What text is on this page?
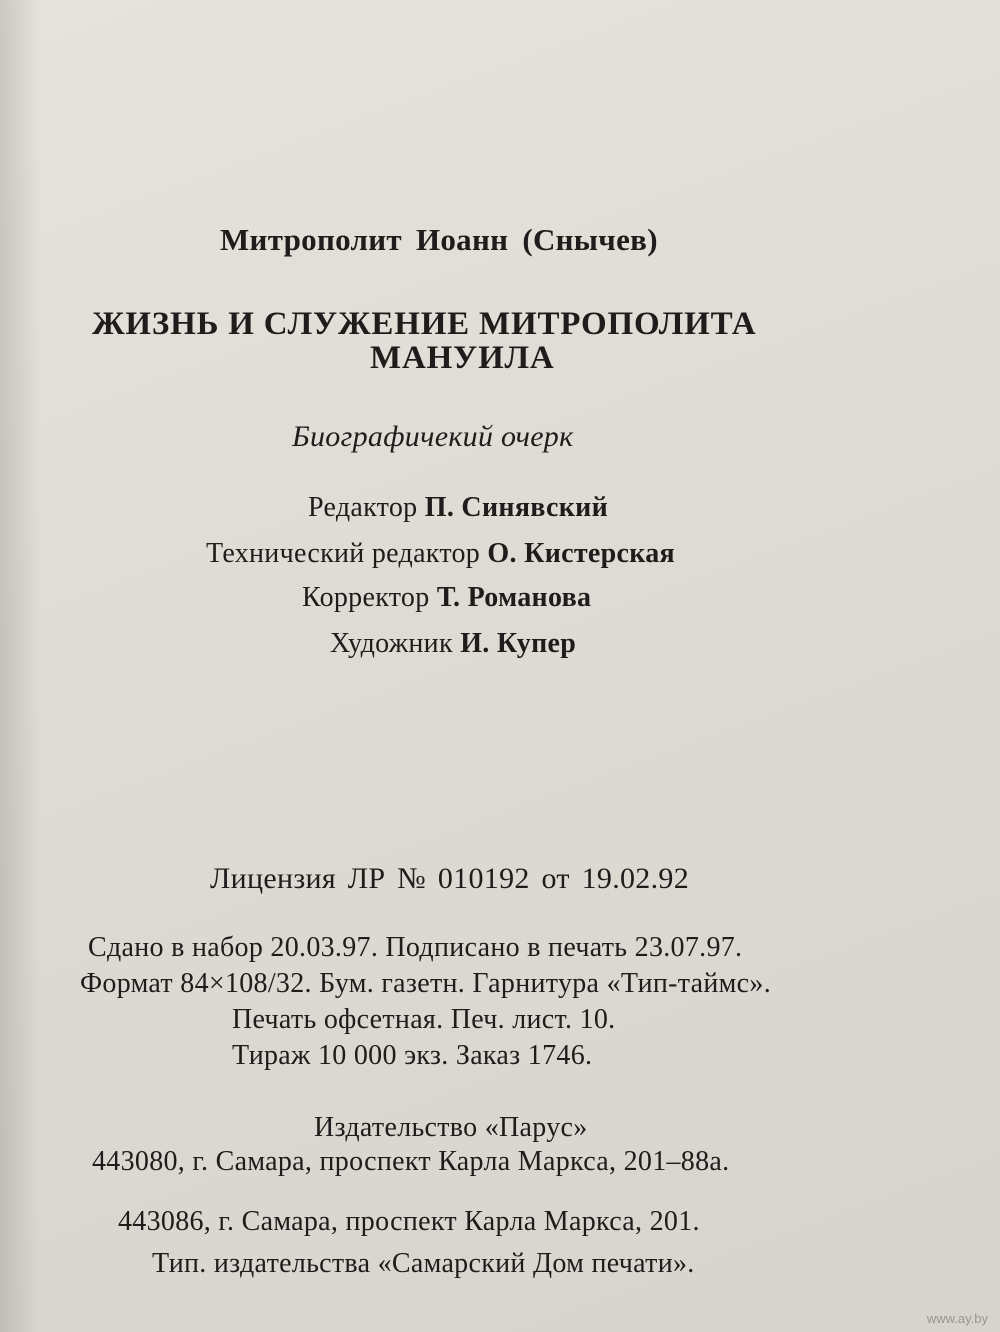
Митрополит Иоанн (Снычев)
ЖИЗНЬ И СЛУЖЕНИЕ МИТРОПОЛИТА
МАНУИЛА
Биографичекий очерк
Редактор П. Синявский
Технический редактор О. Кистерская
Корректор Т. Романова
Художник И. Купер
Лицензия ЛР № 010192 от 19.02.92
Сдано в набор 20.03.97. Подписано в печать 23.07.97.
Формат 84×108/32. Бум. газетн. Гарнитура «Тип-таймс».
Печать офсетная. Печ. лист. 10.
Тираж 10 000 экз. Заказ 1746.
Издательство «Парус»
443080, г. Самара, проспект Карла Маркса, 201–88а.
443086, г. Самара, проспект Карла Маркса, 201.
Тип. издательства «Самарский Дом печати».
www.ay.by
